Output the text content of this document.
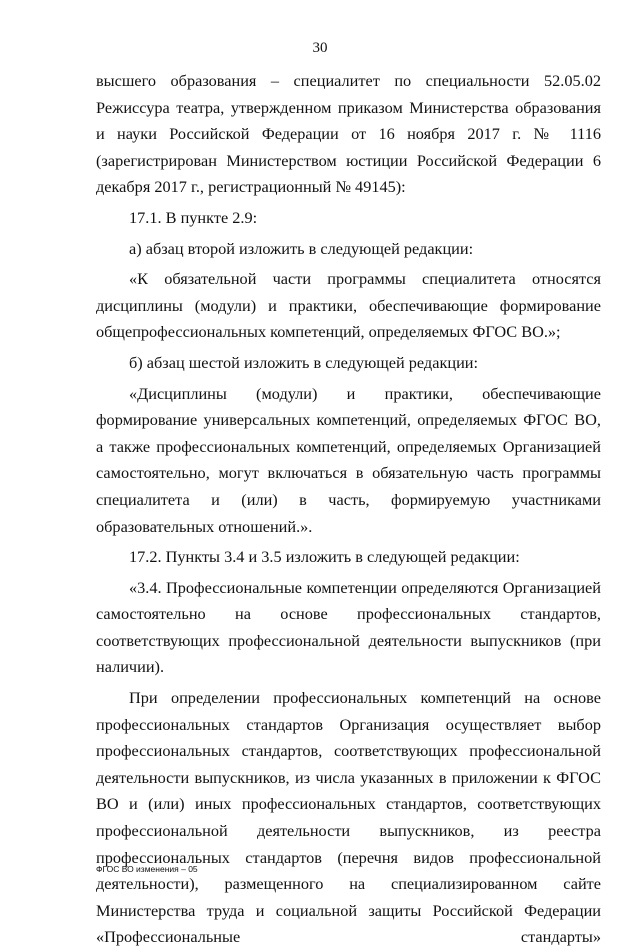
30

высшего образования – специалитет по специальности 52.05.02 Режиссура театра, утвержденном приказом Министерства образования и науки Российской Федерации от 16 ноября 2017 г. № 1116 (зарегистрирован Министерством юстиции Российской Федерации 6 декабря 2017 г., регистрационный № 49145):

17.1. В пункте 2.9:

а) абзац второй изложить в следующей редакции:

«К обязательной части программы специалитета относятся дисциплины (модули) и практики, обеспечивающие формирование общепрофессиональных компетенций, определяемых ФГОС ВО.»;

б) абзац шестой изложить в следующей редакции:

«Дисциплины (модули) и практики, обеспечивающие формирование универсальных компетенций, определяемых ФГОС ВО, а также профессиональных компетенций, определяемых Организацией самостоятельно, могут включаться в обязательную часть программы специалитета и (или) в часть, формируемую участниками образовательных отношений.».

17.2. Пункты 3.4 и 3.5 изложить в следующей редакции:

«3.4. Профессиональные компетенции определяются Организацией самостоятельно на основе профессиональных стандартов, соответствующих профессиональной деятельности выпускников (при наличии).

При определении профессиональных компетенций на основе профессиональных стандартов Организация осуществляет выбор профессиональных стандартов, соответствующих профессиональной деятельности выпускников, из числа указанных в приложении к ФГОС ВО и (или) иных профессиональных стандартов, соответствующих профессиональной деятельности выпускников, из реестра профессиональных стандартов (перечня видов профессиональной деятельности), размещенного на специализированном сайте Министерства труда и социальной защиты Российской Федерации «Профессиональные стандарты»

ФГОС ВО изменения – 05
